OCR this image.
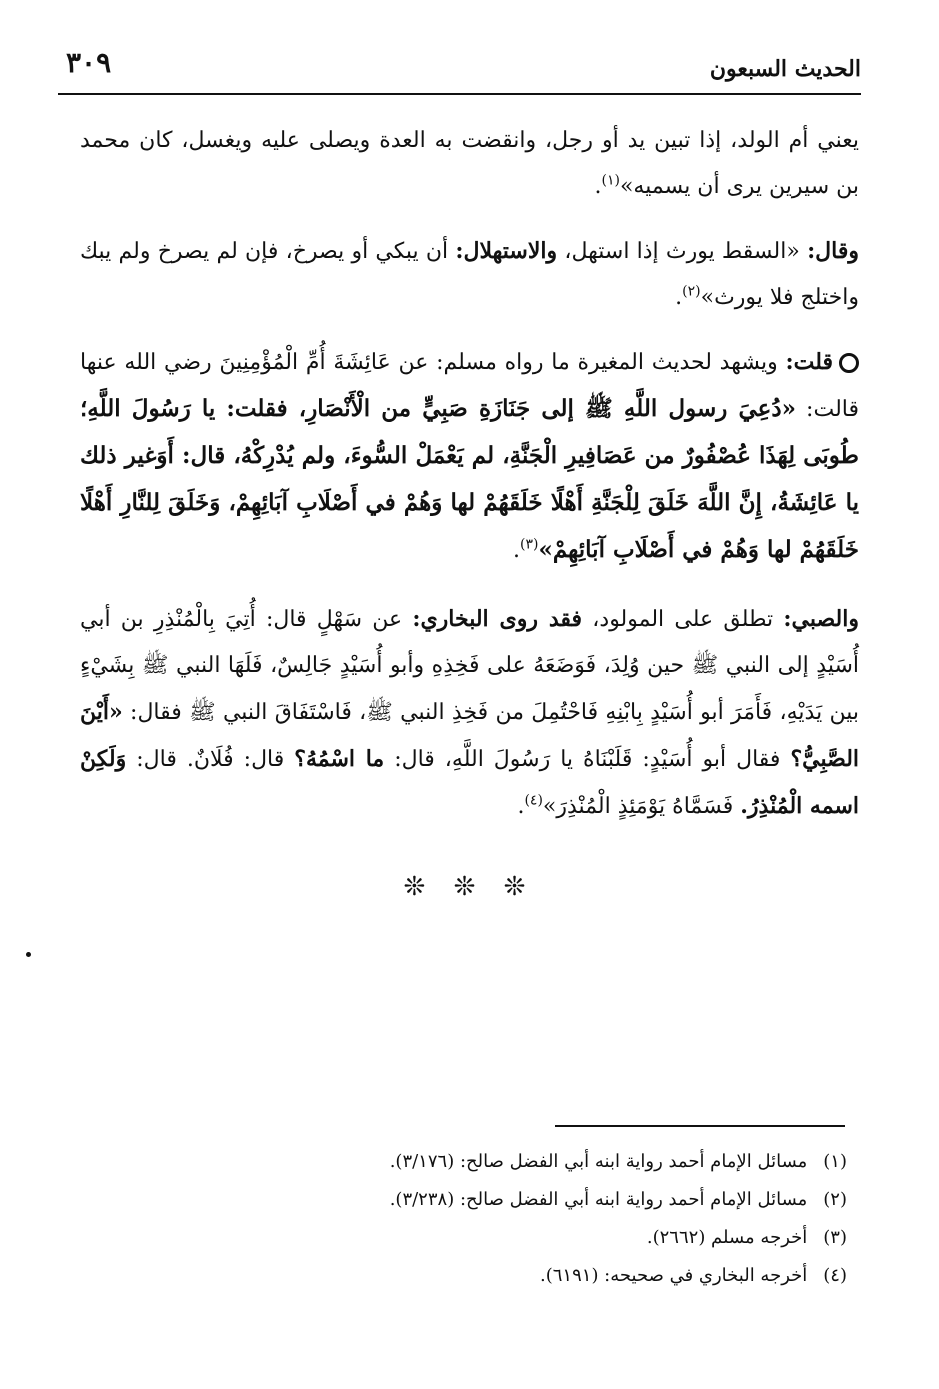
٣٠٩	الحديث السبعون

يعني أم الولد، إذا تبين يد أو رجل، وانقضت به العدة ويصلى عليه ويغسل، كان محمد بن سيرين يرى أن يسميه»$^{(١)}$.

وقال: «السقط يورث إذا استهل، والاستهلال: أن يبكي أو يصرخ، فإن لم يصرخ ولم يبك واختلج فلا يورث»$^{(٢)}$.

قلت: ويشهد لحديث المغيرة ما رواه مسلم: عن عَائِشَةَ أُمِّ الْمُؤْمِنِينَ رضي الله عنها قالت: «دُعِيَ رسول اللَّهِ ﷺ إلى جَنَازَةِ صَبِيٍّ من الْأَنْصَارِ، فقلت: يا رَسُولَ اللَّهِ؛ طُوبَى لِهَذَا عُصْفُورٌ من عَصَافِيرِ الْجَنَّةِ، لم يَعْمَلْ السُّوءَ، ولم يُدْرِكْهُ، قال: أَوَغير ذلك يا عَائِشَةُ، إِنَّ اللَّهَ خَلَقَ لِلْجَنَّةِ أَهْلًا خَلَقَهُمْ لها وَهُمْ في أَصْلَابِ آبَائِهِمْ، وَخَلَقَ لِلنَّارِ أَهْلًا خَلَقَهُمْ لها وَهُمْ في أَصْلَابِ آبَائِهِمْ»$^{(٣)}$.

والصبي: تطلق على المولود، فقد روى البخاري: عن سَهْلٍ قال: أُتِيَ بِالْمُنْذِرِ بن أبي أُسَيْدٍ إلى النبي ﷺ حين وُلِدَ، فَوَضَعَهُ على فَخِذِهِ وأبو أُسَيْدٍ جَالِسٌ، فَلَهَا النبي ﷺ بِشَيْءٍ بين يَدَيْهِ، فَأَمَرَ أبو أُسَيْدٍ بِابْنِهِ فَاحْتُمِلَ من فَخِذِ النبي ﷺ، فَاسْتَفَاقَ النبي ﷺ فقال: «أَيْنَ الصَّبِيُّ؟ فقال أبو أُسَيْدٍ: قَلَبْنَاهُ يا رَسُولَ اللَّهِ، قال: ما اسْمُهُ؟ قال: فُلَانٌ. قال: وَلَكِنْ اسمه الْمُنْذِرُ. فَسَمَّاهُ يَوْمَئِذٍ الْمُنْذِرَ»$^{(٤)}$.

❊ ❊ ❊
(١)
مسائل الإمام أحمد رواية ابنه أبي الفضل صالح: (٣/١٧٦).
(٢)
مسائل الإمام أحمد رواية ابنه أبي الفضل صالح: (٣/٢٣٨).
(٣)
أخرجه مسلم (٢٦٦٢).
(٤)
أخرجه البخاري في صحيحه: (٦١٩١).
